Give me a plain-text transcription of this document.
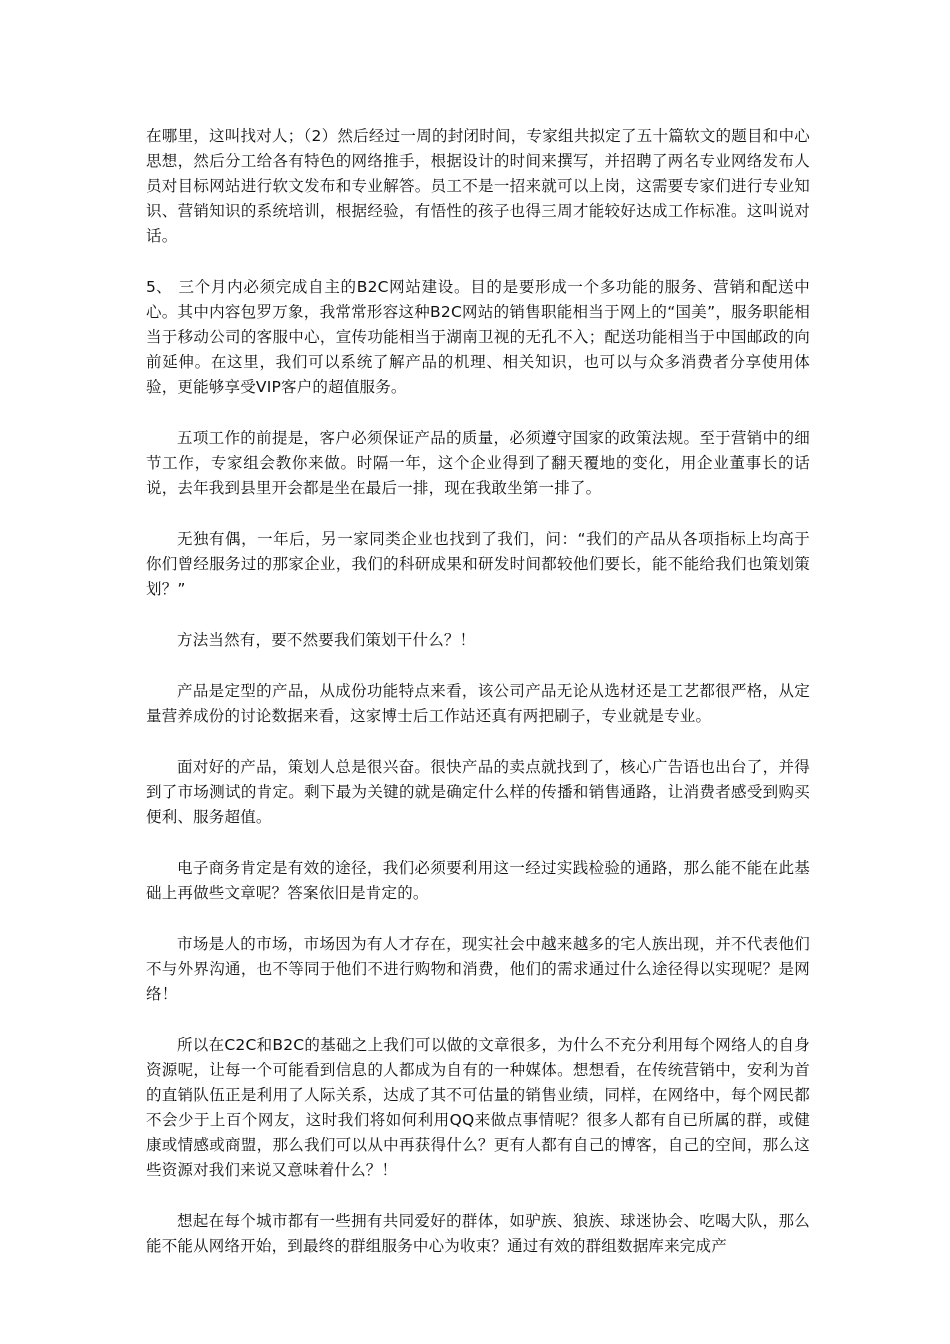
在哪里，这叫找对人；（2）然后经过一周的封闭时间，专家组共拟定了五十篇软文的题目和中心思想，然后分工给各有特色的网络推手，根据设计的时间来撰写，并招聘了两名专业网络发布人员对目标网站进行软文发布和专业解答。员工不是一招来就可以上岗，这需要专家们进行专业知识、营销知识的系统培训，根据经验，有悟性的孩子也得三周才能较好达成工作标准。这叫说对话。

5、 三个月内必须完成自主的B2C网站建设。目的是要形成一个多功能的服务、营销和配送中心。其中内容包罗万象，我常常形容这种B2C网站的销售职能相当于网上的“国美”，服务职能相当于移动公司的客服中心，宣传功能相当于湖南卫视的无孔不入；配送功能相当于中国邮政的向前延伸。在这里，我们可以系统了解产品的机理、相关知识，也可以与众多消费者分享使用体验，更能够享受VIP客户的超值服务。

五项工作的前提是，客户必须保证产品的质量，必须遵守国家的政策法规。至于营销中的细节工作，专家组会教你来做。时隔一年，这个企业得到了翻天覆地的变化，用企业董事长的话说，去年我到县里开会都是坐在最后一排，现在我敢坐第一排了。

无独有偶，一年后，另一家同类企业也找到了我们，问：“我们的产品从各项指标上均高于你们曾经服务过的那家企业，我们的科研成果和研发时间都较他们要长，能不能给我们也策划策划？”

方法当然有，要不然要我们策划干什么？！

产品是定型的产品，从成份功能特点来看，该公司产品无论从选材还是工艺都很严格，从定量营养成份的讨论数据来看，这家博士后工作站还真有两把刷子，专业就是专业。

面对好的产品，策划人总是很兴奋。很快产品的卖点就找到了，核心广告语也出台了，并得到了市场测试的肯定。剩下最为关键的就是确定什么样的传播和销售通路，让消费者感受到购买便利、服务超值。

电子商务肯定是有效的途径，我们必须要利用这一经过实践检验的通路，那么能不能在此基础上再做些文章呢？答案依旧是肯定的。

市场是人的市场，市场因为有人才存在，现实社会中越来越多的宅人族出现，并不代表他们不与外界沟通，也不等同于他们不进行购物和消费，他们的需求通过什么途径得以实现呢？是网络！

所以在C2C和B2C的基础之上我们可以做的文章很多，为什么不充分利用每个网络人的自身资源呢，让每一个可能看到信息的人都成为自有的一种媒体。想想看，在传统营销中，安利为首的直销队伍正是利用了人际关系，达成了其不可估量的销售业绩，同样，在网络中，每个网民都不会少于上百个网友，这时我们将如何利用QQ来做点事情呢？很多人都有自已所属的群，或健康或情感或商盟，那么我们可以从中再获得什么？更有人都有自己的博客，自己的空间，那么这些资源对我们来说又意味着什么？！

想起在每个城市都有一些拥有共同爱好的群体，如驴族、狼族、球迷协会、吃喝大队，那么能不能从网络开始，到最终的群组服务中心为收束？通过有效的群组数据库来完成产
